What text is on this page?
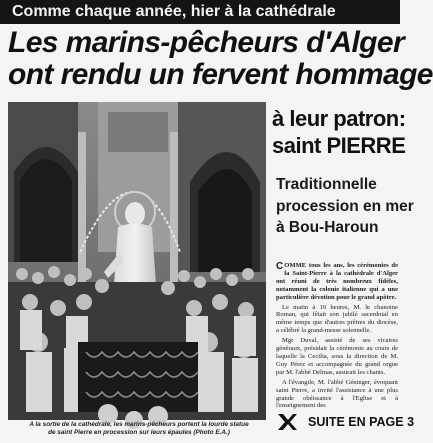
Comme chaque année, hier à la cathédrale
Les marins-pêcheurs d'Alger
ont rendu un fervent hommage
A la sortie de la cathédrale, les marins-pêcheurs portent la lourde statue
de saint Pierre en procession sur leurs épaules (Photo E.A.)
à leur patron:
saint PIERRE
Traditionnelle
procession en mer
à Bou-Haroun

COMME tous les ans, les cérémonies de la Saint-Pierre à la cathédrale d'Alger ont réuni de très nombreux fidèles, notamment la colonie italienne qui a une particulière dévotion pour le grand apôtre.

Le matin à 10 heures, M. le chanoine Roman, qui fêtait son jubilé sacerdotal en même temps que d'autres prêtres du diocèse, a célébré la grand-messe solennelle.

Mgr Duval, assisté de ses vicaires généraux, présidait la cérémonie au cours de laquelle la Cecilia, sous la direction de M. Guy Pérez et accompagnée du grand orgue par M. l'abbé Delmas, assurait les chants.

A l'évangile, M. l'abbé Géninger, évoquant saint Pierre, a invité l'assistance à une plus grande obéissance à l'Eglise et à l'enseignement des

SUITE EN PAGE 3
